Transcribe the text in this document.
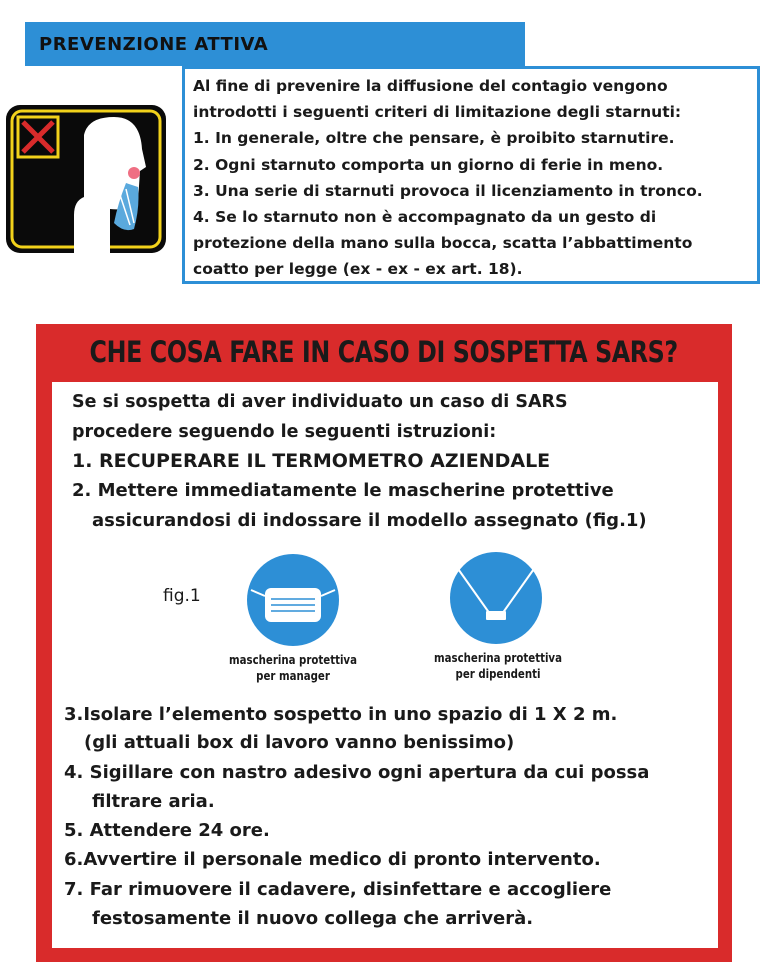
PREVENZIONE ATTIVA

Al fine di prevenire la diffusione del contagio vengono

introdotti i seguenti criteri di limitazione degli starnuti:

1. In generale, oltre che pensare, è proibito starnutire.

2. Ogni starnuto comporta un giorno di ferie in meno.

3. Una serie di starnuti provoca il licenziamento in tronco.

4. Se lo starnuto non è accompagnato da un gesto di

protezione della mano sulla bocca, scatta l’abbattimento

coatto per legge (ex - ex - ex art. 18).

CHE COSA FARE IN CASO DI SOSPETTA SARS?
Se si sospetta di aver individuato un caso di SARS
procedere seguendo le seguenti istruzioni:
1. RECUPERARE IL TERMOMETRO AZIENDALE
2. Mettere immediatamente le mascherine protettive
assicurandosi di indossare il modello assegnato (fig.1)
fig.1
mascherina protettiva
per manager
mascherina protettiva
per dipendenti
3.Isolare l’elemento sospetto in uno spazio di 1 X 2 m.
(gli attuali box di lavoro vanno benissimo)
4. Sigillare con nastro adesivo ogni apertura da cui possa
filtrare aria.
5. Attendere 24 ore.
6.Avvertire il personale medico di pronto intervento.
7. Far rimuovere il cadavere, disinfettare e accogliere
festosamente il nuovo collega che arriverà.
